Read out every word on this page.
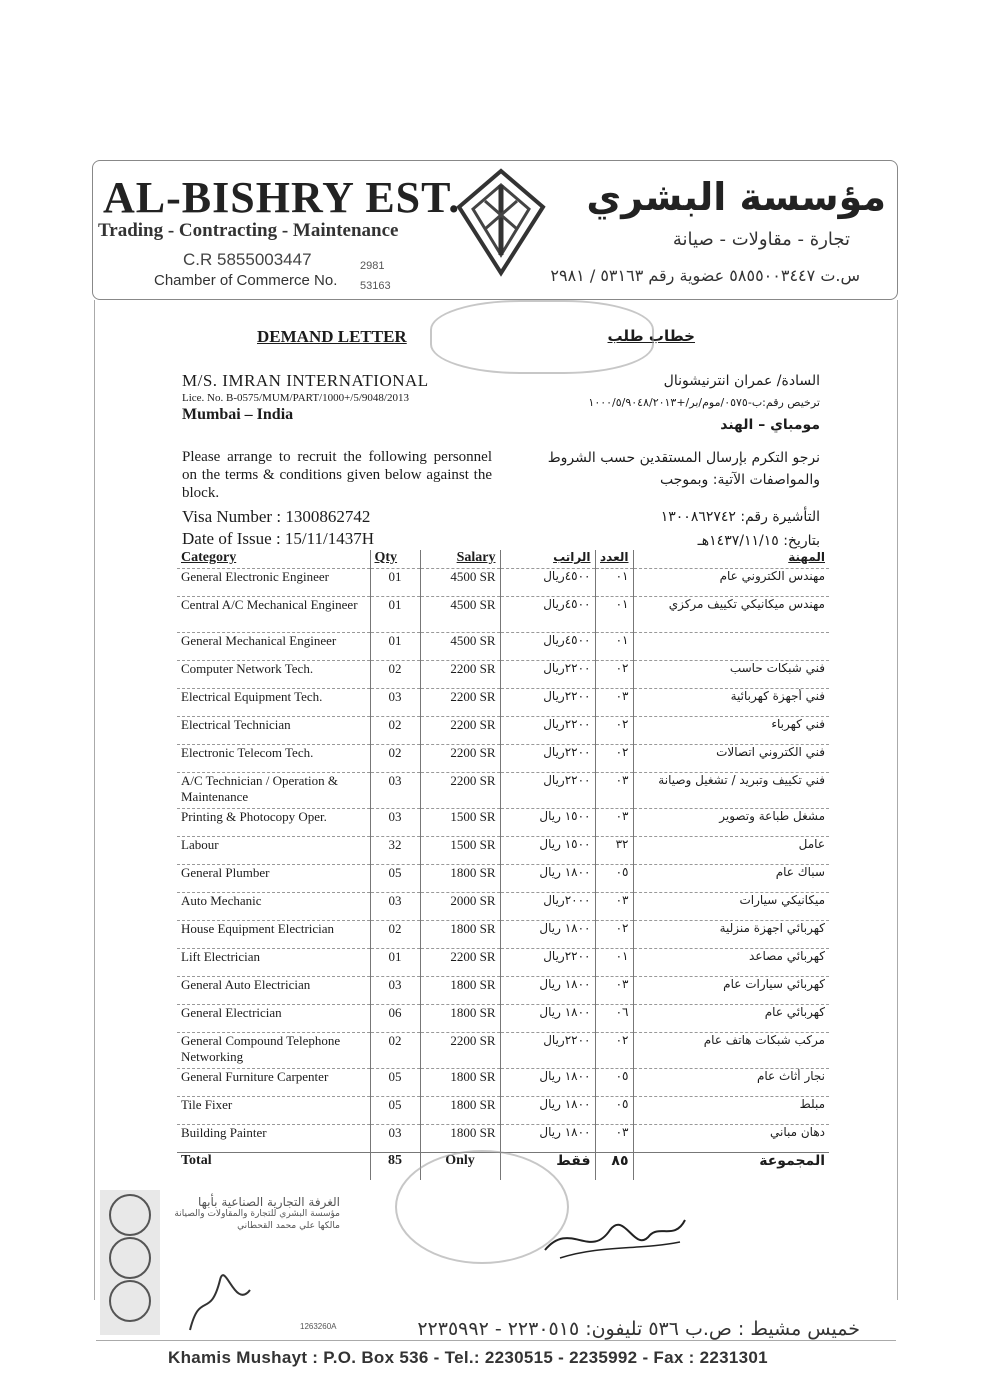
AL-BISHRY EST.
Trading - Contracting - Maintenance
C.R 5855003447
Chamber of Commerce No.
2981
53163
مؤسسة البشري
تجارة - مقاولات - صيانة
س.ت ٥٨٥٥٠٠٣٤٤٧ عضوية رقم ٥٣١٦٣ / ٢٩٨١
DEMAND LETTER	خطاب طلب
M/S. IMRAN INTERNATIONAL
Lice. No. B-0575/MUM/PART/1000+/5/9048/2013
Mumbai – India
السادة/ عمران انترنيشونال
ترخيص رقم:ب-٠٥٧٥/موم/بر/+١٠٠٠/٥/٩٠٤٨/٢٠١٣
مومباي – الهند
Please arrange to recruit the following personnel on the terms & conditions given below against the block.
نرجو التكرم بإرسال المستقدين حسب الشروط والمواصفات الآتية: وبموجب
Visa Number : 1300862742
Date of Issue : 15/11/1437H
التأشيرة رقم: ١٣٠٠٨٦٢٧٤٢
بتاريخ: ١٤٣٧/١١/١٥هـ
Category	Qty	Salary	الراتب	العدد	المهنة
General Electronic Engineer	01	4500 SR	٤٥٠٠ريال	٠١	مهندس الكتروني عام
Central A/C Mechanical Engineer	01	4500 SR	٤٥٠٠ريال	٠١	مهندس ميكانيكي تكييف مركزي
General Mechanical Engineer	01	4500 SR	٤٥٠٠ريال	٠١	
Computer Network Tech.	02	2200 SR	٢٢٠٠ريال	٠٢	فني شبكات حاسب
Electrical Equipment Tech.	03	2200 SR	٢٢٠٠ريال	٠٣	فني أجهزة كهربائية
Electrical Technician	02	2200 SR	٢٢٠٠ريال	٠٢	فني كهرباء
Electronic Telecom Tech.	02	2200 SR	٢٢٠٠ريال	٠٢	فني الكتروني اتصالات
A/C Technician / Operation & Maintenance	03	2200 SR	٢٢٠٠ريال	٠٣	فني تكييف وتبريد / تشغيل وصيانة
Printing & Photocopy Oper.	03	1500 SR	١٥٠٠ ريال	٠٣	مشغل طباعة وتصوير
Labour	32	1500 SR	١٥٠٠ ريال	٣٢	عامل
General Plumber	05	1800 SR	١٨٠٠ ريال	٠٥	سباك عام
Auto Mechanic	03	2000 SR	٢٠٠٠ريال	٠٣	ميكانيكي سيارات
House Equipment Electrician	02	1800 SR	١٨٠٠ ريال	٠٢	كهربائي اجهزة منزلية
Lift Electrician	01	2200 SR	٢٢٠٠ريال	٠١	كهربائي مصاعد
General Auto Electrician	03	1800 SR	١٨٠٠ ريال	٠٣	كهربائي سيارات عام
General Electrician	06	1800 SR	١٨٠٠ ريال	٠٦	كهربائي عام
General Compound Telephone Networking	02	2200 SR	٢٢٠٠ريال	٠٢	مركب شبكات هاتف عام
General Furniture Carpenter	05	1800 SR	١٨٠٠ ريال	٠٥	نجار أثاث عام
Tile Fixer	05	1800 SR	١٨٠٠ ريال	٠٥	مبلط
Building Painter	03	1800 SR	١٨٠٠ ريال	٠٣	دهان مباني
Total	85	Only	فقط	٨٥	المجموعة
الغرفة التجارية الصناعية بأبها
مؤسسة البشري للتجارة والمقاولات والصيانة
مالكها علي محمد القحطاني
1263260A	خميس مشيط : ص.ب ٥٣٦ تليفون: ٢٢٣٠٥١٥ - ٢٢٣٥٩٩٢
Khamis Mushayt : P.O. Box 536 - Tel.: 2230515 - 2235992 - Fax : 2231301
